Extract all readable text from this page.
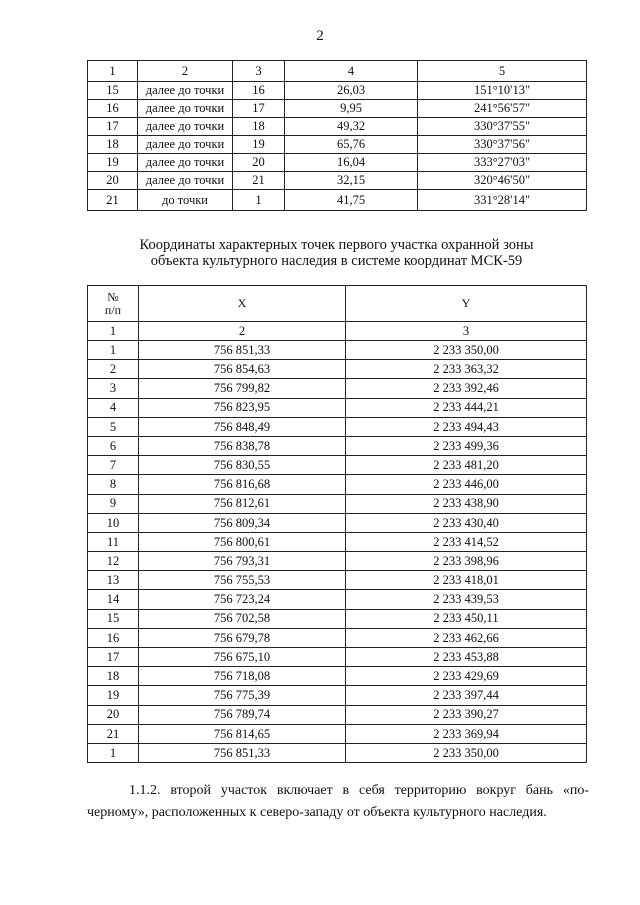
2
1	2	3	4	5
15	далее до точки	16	26,03	151°10'13"
16	далее до точки	17	9,95	241°56'57"
17	далее до точки	18	49,32	330°37'55"
18	далее до точки	19	65,76	330°37'56"
19	далее до точки	20	16,04	333°27'03"
20	далее до точки	21	32,15	320°46'50"
21	до точки	1	41,75	331°28'14"
Координаты характерных точек первого участка охранной зоны
объекта культурного наследия в системе координат МСК-59
№
п/п	X	Y
1	2	3
1	756 851,33	2 233 350,00
2	756 854,63	2 233 363,32
3	756 799,82	2 233 392,46
4	756 823,95	2 233 444,21
5	756 848,49	2 233 494,43
6	756 838,78	2 233 499,36
7	756 830,55	2 233 481,20
8	756 816,68	2 233 446,00
9	756 812,61	2 233 438,90
10	756 809,34	2 233 430,40
11	756 800,61	2 233 414,52
12	756 793,31	2 233 398,96
13	756 755,53	2 233 418,01
14	756 723,24	2 233 439,53
15	756 702,58	2 233 450,11
16	756 679,78	2 233 462,66
17	756 675,10	2 233 453,88
18	756 718,08	2 233 429,69
19	756 775,39	2 233 397,44
20	756 789,74	2 233 390,27
21	756 814,65	2 233 369,94
1	756 851,33	2 233 350,00
1.1.2. второй участок включает в себя территорию вокруг бань «по-черному», расположенных к северо-западу от объекта культурного наследия.
